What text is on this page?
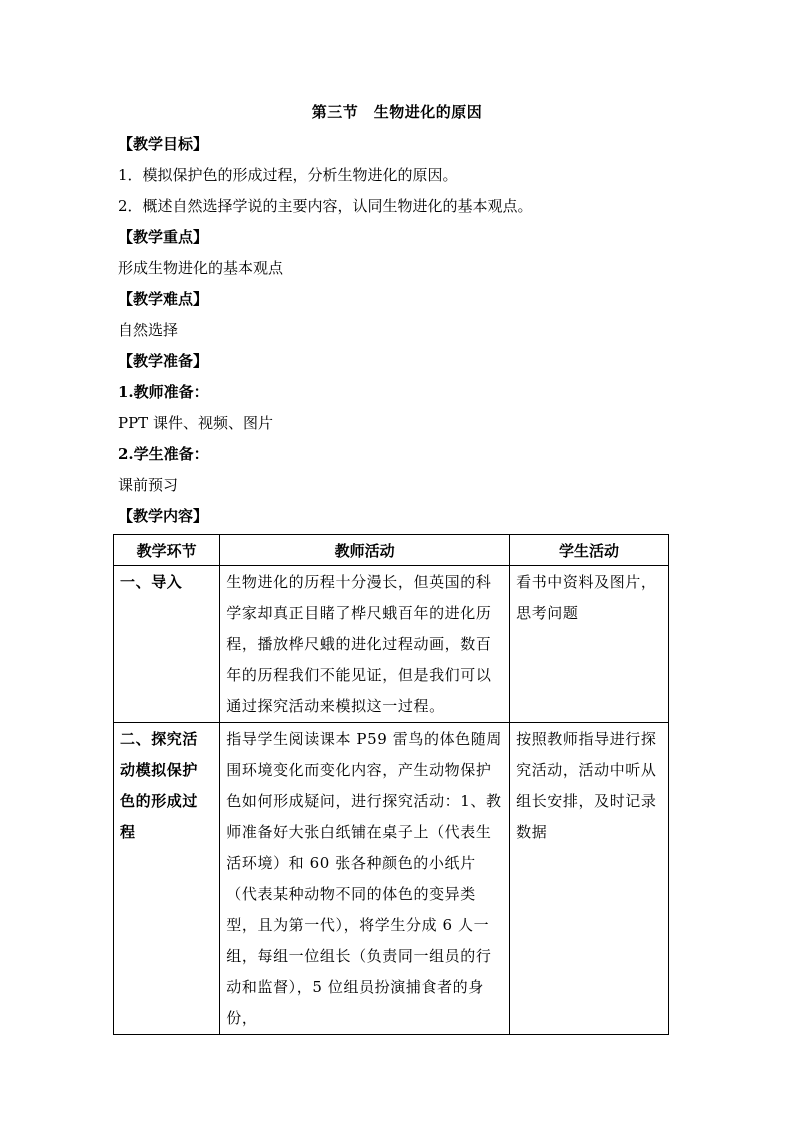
第三节　生物进化的原因
【教学目标】
1．模拟保护色的形成过程，分析生物进化的原因。
2．概述自然选择学说的主要内容，认同生物进化的基本观点。
【教学重点】
形成生物进化的基本观点
【教学难点】
自然选择
【教学准备】
1.教师准备：
PPT 课件、视频、图片
2.学生准备：
课前预习
【教学内容】
教学环节	教师活动	学生活动

一、导入	生物进化的历程十分漫长，但英国的科学家却真正目睹了桦尺蛾百年的进化历程，播放桦尺蛾的进化过程动画，数百年的历程我们不能见证，但是我们可以通过探究活动来模拟这一过程。	看书中资料及图片，思考问题

二、探究活动模拟保护色的形成过程	指导学生阅读课本 P59 雷鸟的体色随周围环境变化而变化内容，产生动物保护色如何形成疑问，进行探究活动：1、教师准备好大张白纸铺在桌子上（代表生活环境）和 60 张各种颜色的小纸片（代表某种动物不同的体色的变异类型，且为第一代），将学生分成 6 人一组，每组一位组长（负责同一组员的行动和监督），5 位组员扮演捕食者的身份，	按照教师指导进行探究活动，活动中听从组长安排，及时记录数据
